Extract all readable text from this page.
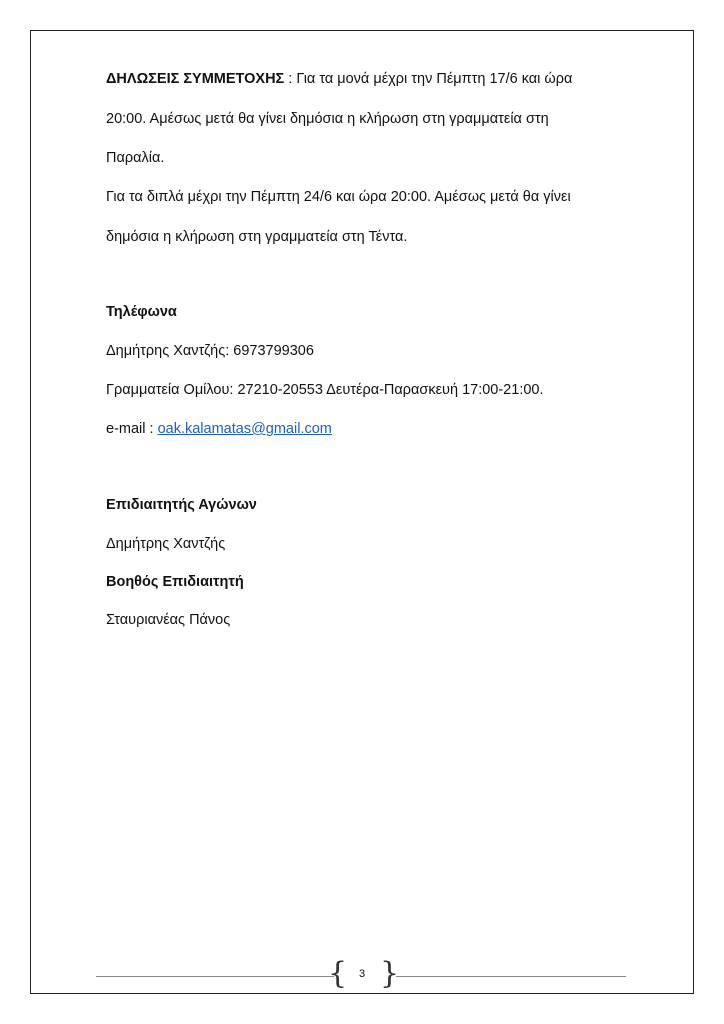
ΔΗΛΩΣΕΙΣ ΣΥΜΜΕΤΟΧΗΣ : Για τα μονά μέχρι την Πέμπτη 17/6 και ώρα
20:00. Αμέσως μετά θα γίνει δημόσια η κλήρωση στη γραμματεία στη
Παραλία.
Για τα διπλά μέχρι την Πέμπτη 24/6 και ώρα 20:00. Αμέσως μετά θα γίνει
δημόσια η κλήρωση στη γραμματεία στη Τέντα.
Τηλέφωνα
Δημήτρης Χαντζής: 6973799306
Γραμματεία Ομίλου: 27210-20553 Δευτέρα-Παρασκευή 17:00-21:00.
e-mail : oak.kalamatas@gmail.com
Επιδιαιτητής Αγώνων
Δημήτρης Χαντζής
Βοηθός Επιδιαιτητή
Σταυριανέας Πάνος
{	3 }
